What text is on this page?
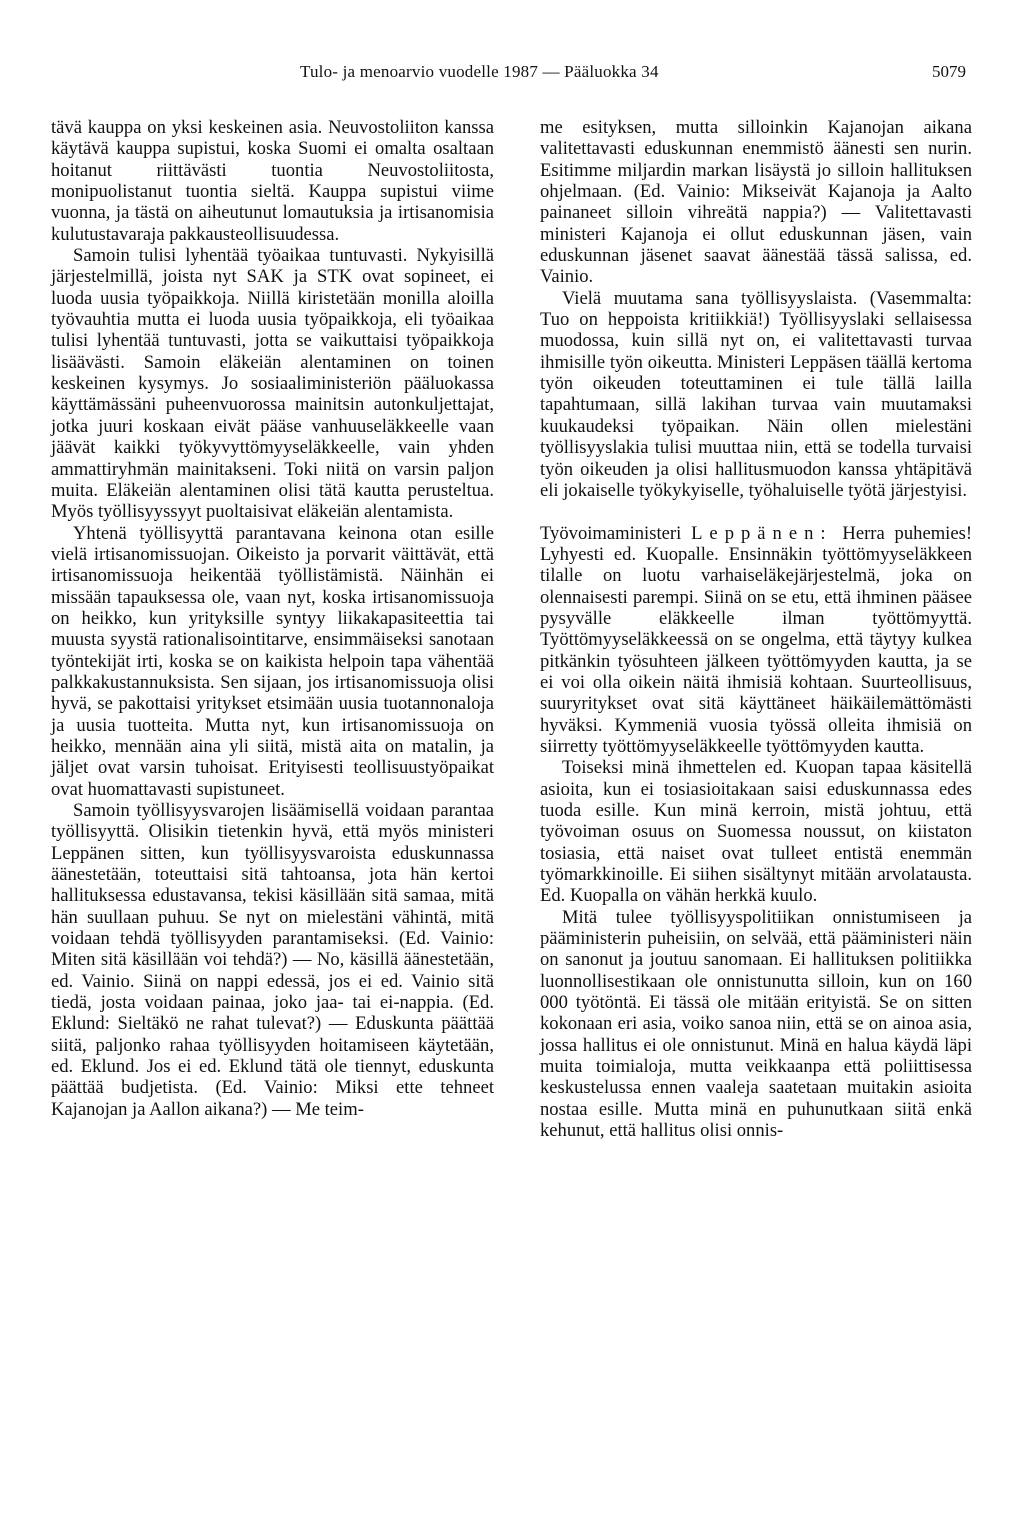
Tulo- ja menoarvio vuodelle 1987 — Pääluokka 34	5079

tävä kauppa on yksi keskeinen asia. Neuvostoliiton kanssa käytävä kauppa supistui, koska Suomi ei omalta osaltaan hoitanut riittävästi tuontia Neuvostoliitosta, monipuolistanut tuontia sieltä. Kauppa supistui viime vuonna, ja tästä on aiheutunut lomautuksia ja irtisanomisia kulutustavaraja pakkausteollisuudessa.

Samoin tulisi lyhentää työaikaa tuntuvasti. Nykyisillä järjestelmillä, joista nyt SAK ja STK ovat sopineet, ei luoda uusia työpaikkoja. Niillä kiristetään monilla aloilla työvauhtia mutta ei luoda uusia työpaikkoja, eli työaikaa tulisi lyhentää tuntuvasti, jotta se vaikuttaisi työpaikkoja lisäävästi. Samoin eläkeiän alentaminen on toinen keskeinen kysymys. Jo sosiaaliministeriön pääluokassa käyttämässäni puheenvuorossa mainitsin autonkuljettajat, jotka juuri koskaan eivät pääse vanhuuseläkkeelle vaan jäävät kaikki työkyvyttömyyseläkkeelle, vain yhden ammattiryhmän mainitakseni. Toki niitä on varsin paljon muita. Eläkeiän alentaminen olisi tätä kautta perusteltua. Myös työllisyyssyyt puoltaisivat eläkeiän alentamista.

Yhtenä työllisyyttä parantavana keinona otan esille vielä irtisanomissuojan. Oikeisto ja porvarit väittävät, että irtisanomissuoja heikentää työllistämistä. Näinhän ei missään tapauksessa ole, vaan nyt, koska irtisanomissuoja on heikko, kun yrityksille syntyy liikakapasiteettia tai muusta syystä rationalisointitarve, ensimmäiseksi sanotaan työntekijät irti, koska se on kaikista helpoin tapa vähentää palkkakustannuksista. Sen sijaan, jos irtisanomissuoja olisi hyvä, se pakottaisi yritykset etsimään uusia tuotannonaloja ja uusia tuotteita. Mutta nyt, kun irtisanomissuoja on heikko, mennään aina yli siitä, mistä aita on matalin, ja jäljet ovat varsin tuhoisat. Erityisesti teollisuustyöpaikat ovat huomattavasti supistuneet.

Samoin työllisyysvarojen lisäämisellä voidaan parantaa työllisyyttä. Olisikin tietenkin hyvä, että myös ministeri Leppänen sitten, kun työllisyysvaroista eduskunnassa äänestetään, toteuttaisi sitä tahtoansa, jota hän kertoi hallituksessa edustavansa, tekisi käsillään sitä samaa, mitä hän suullaan puhuu. Se nyt on mielestäni vähintä, mitä voidaan tehdä työllisyyden parantamiseksi. (Ed. Vainio: Miten sitä käsillään voi tehdä?) — No, käsillä äänestetään, ed. Vainio. Siinä on nappi edessä, jos ei ed. Vainio sitä tiedä, josta voidaan painaa, joko jaa- tai ei-nappia. (Ed. Eklund: Sieltäkö ne rahat tulevat?) — Eduskunta päättää siitä, paljonko rahaa työllisyyden hoitamiseen käytetään, ed. Eklund. Jos ei ed. Eklund tätä ole tiennyt, eduskunta päättää budjetista. (Ed. Vainio: Miksi ette tehneet Kajanojan ja Aallon aikana?) — Me teim-

me esityksen, mutta silloinkin Kajanojan aikana valitettavasti eduskunnan enemmistö äänesti sen nurin. Esitimme miljardin markan lisäystä jo silloin hallituksen ohjelmaan. (Ed. Vainio: Mikseivät Kajanoja ja Aalto painaneet silloin vihreätä nappia?) — Valitettavasti ministeri Kajanoja ei ollut eduskunnan jäsen, vain eduskunnan jäsenet saavat äänestää tässä salissa, ed. Vainio.

Vielä muutama sana työllisyyslaista. (Vasemmalta: Tuo on heppoista kritiikkiä!) Työllisyyslaki sellaisessa muodossa, kuin sillä nyt on, ei valitettavasti turvaa ihmisille työn oikeutta. Ministeri Leppäsen täällä kertoma työn oikeuden toteuttaminen ei tule tällä lailla tapahtumaan, sillä lakihan turvaa vain muutamaksi kuukaudeksi työpaikan. Näin ollen mielestäni työllisyyslakia tulisi muuttaa niin, että se todella turvaisi työn oikeuden ja olisi hallitusmuodon kanssa yhtäpitävä eli jokaiselle työkykyiselle, työhaluiselle työtä järjestyisi.

Työvoimaministeri Leppänen: Herra puhemies! Lyhyesti ed. Kuopalle. Ensinnäkin työttömyyseläkkeen tilalle on luotu varhaiseläkejärjestelmä, joka on olennaisesti parempi. Siinä on se etu, että ihminen pääsee pysyvälle eläkkeelle ilman työttömyyttä. Työttömyyseläkkeessä on se ongelma, että täytyy kulkea pitkänkin työsuhteen jälkeen työttömyyden kautta, ja se ei voi olla oikein näitä ihmisiä kohtaan. Suurteollisuus, suuryritykset ovat sitä käyttäneet häikäilemättömästi hyväksi. Kymmeniä vuosia työssä olleita ihmisiä on siirretty työttömyyseläkkeelle työttömyyden kautta.

Toiseksi minä ihmettelen ed. Kuopan tapaa käsitellä asioita, kun ei tosiasioitakaan saisi eduskunnassa edes tuoda esille. Kun minä kerroin, mistä johtuu, että työvoiman osuus on Suomessa noussut, on kiistaton tosiasia, että naiset ovat tulleet entistä enemmän työmarkkinoille. Ei siihen sisältynyt mitään arvolatausta. Ed. Kuopalla on vähän herkkä kuulo.

Mitä tulee työllisyyspolitiikan onnistumiseen ja pääministerin puheisiin, on selvää, että pääministeri näin on sanonut ja joutuu sanomaan. Ei hallituksen politiikka luonnollisestikaan ole onnistunutta silloin, kun on 160 000 työtöntä. Ei tässä ole mitään erityistä. Se on sitten kokonaan eri asia, voiko sanoa niin, että se on ainoa asia, jossa hallitus ei ole onnistunut. Minä en halua käydä läpi muita toimialoja, mutta veikkaanpa että poliittisessa keskustelussa ennen vaaleja saatetaan muitakin asioita nostaa esille. Mutta minä en puhunutkaan siitä enkä kehunut, että hallitus olisi onnis-
